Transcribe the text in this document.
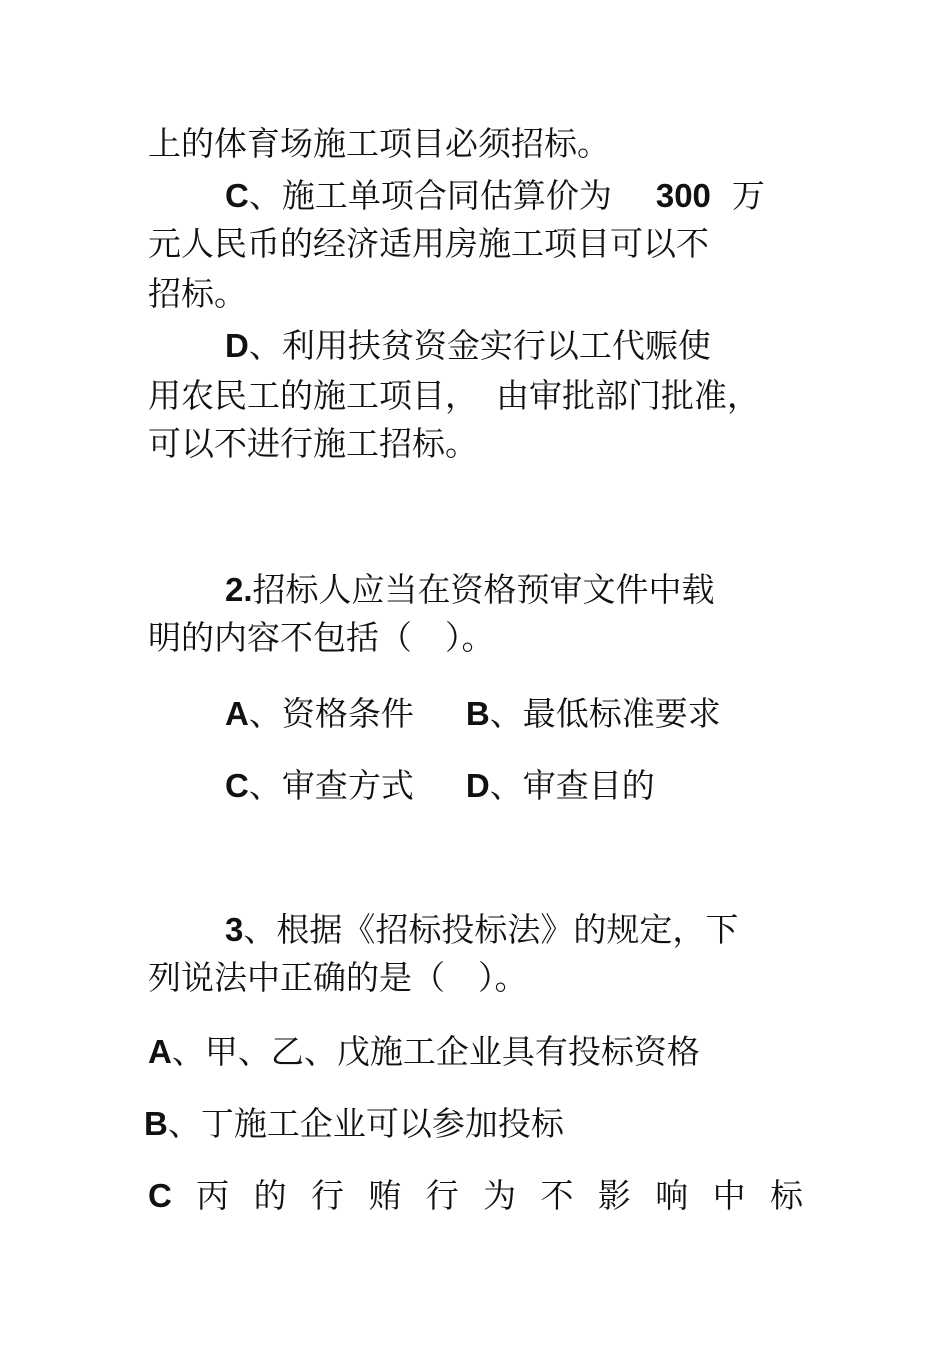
上的体育场施工项目必须招标。
C、施工单项合同估算价为 300 万
元人民币的经济适用房施工项目可以不
招标。
D、利用扶贫资金实行以工代赈使
用农民工的施工项目， 由审批部门批准，
可以不进行施工招标。
2.招标人应当在资格预审文件中载
明的内容不包括（　）。
A、资格条件 B、最低标准要求
C、审查方式 D、审查目的
3、根据《招标投标法》的规定，下
列说法中正确的是（　）。
A、甲、乙、戊施工企业具有投标资格
B、丁施工企业可以参加投标
C 丙 的 行 贿 行 为 不 影 响 中 标
